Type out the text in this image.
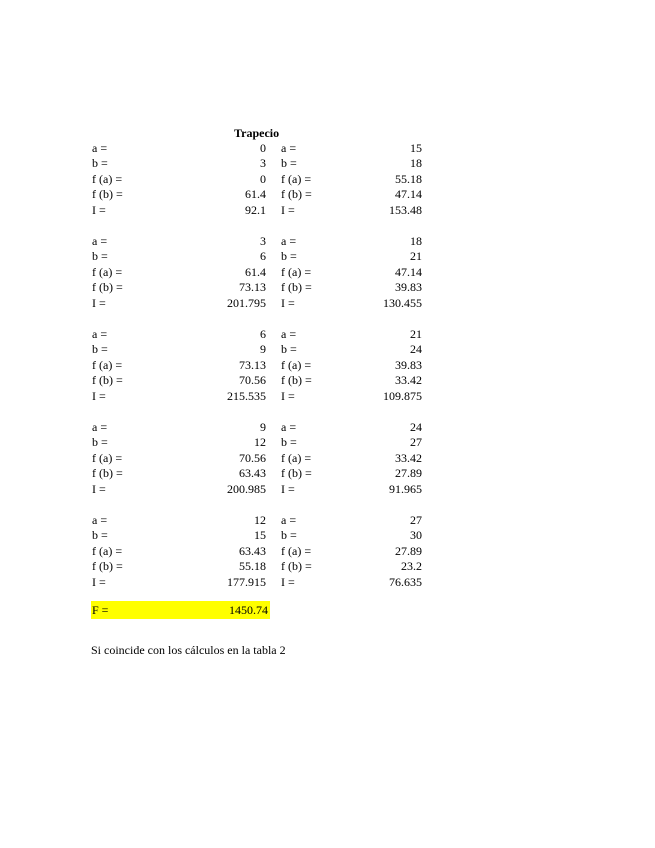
Trapecio
a =	0 a =	15
b =	3 b =	18
f (a) =	0 f (a) =	55.18
f (b) =	61.4 f (b) =	47.14
I =	92.1 I =	153.48
a =	3 a =	18
b =	6 b =	21
f (a) =	61.4 f (a) =	47.14
f (b) =	73.13 f (b) =	39.83
I =	201.795 I =	130.455
a =	6 a =	21
b =	9 b =	24
f (a) =	73.13 f (a) =	39.83
f (b) =	70.56 f (b) =	33.42
I =	215.535 I =	109.875
a =	9 a =	24
b =	12 b =	27
f (a) =	70.56 f (a) =	33.42
f (b) =	63.43 f (b) =	27.89
I =	200.985 I =	91.965
a =	12 a =	27
b =	15 b =	30
f (a) =	63.43 f (a) =	27.89
f (b) =	55.18 f (b) =	23.2
I =	177.915 I =	76.635
F =	1450.74
Si coincide con los cálculos en la tabla 2
